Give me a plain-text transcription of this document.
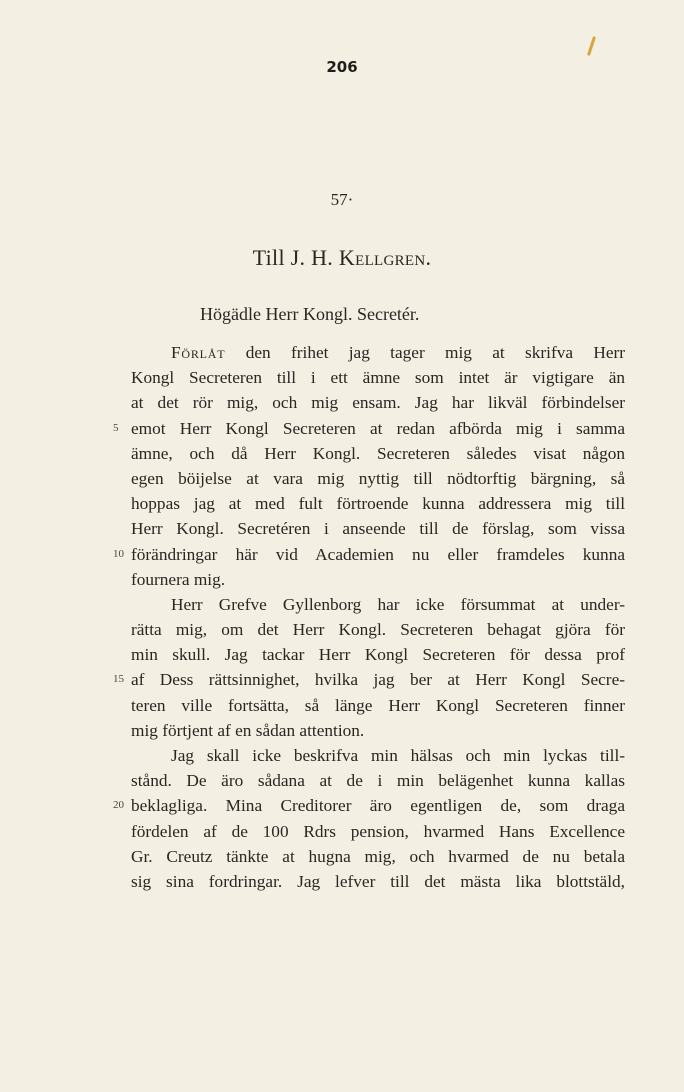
206
57·
Till J. H. Kellgren.
Högädle Herr Kongl. Secretér.
Förlåt den frihet jag tager mig at skrifva Herr
Kongl Secreteren till i ett ämne som intet är vigtigare än
at det rör mig, och mig ensam. Jag har likväl förbindelser
5 emot Herr Kongl Secreteren at redan afbörda mig i samma
ämne, och då Herr Kongl. Secreteren således visat någon
egen böijelse at vara mig nyttig till nödtorftig bärgning, så
hoppas jag at med fult förtroende kunna addressera mig till
Herr Kongl. Secretéren i anseende till de förslag, som vissa
10 förändringar här vid Academien nu eller framdeles kunna
fournera mig.
Herr Grefve Gyllenborg har icke försummat at under-
rätta mig, om det Herr Kongl. Secreteren behagat gjöra för
min skull. Jag tackar Herr Kongl Secreteren för dessa prof
15 af Dess rättsinnighet, hvilka jag ber at Herr Kongl Secre-
teren ville fortsätta, så länge Herr Kongl Secreteren finner
mig förtjent af en sådan attention.
Jag skall icke beskrifva min hälsas och min lyckas till-
stånd. De äro sådana at de i min belägenhet kunna kallas
20 beklagliga. Mina Creditorer äro egentligen de, som draga
fördelen af de 100 Rdrs pension, hvarmed Hans Excellence
Gr. Creutz tänkte at hugna mig, och hvarmed de nu betala
sig sina fordringar. Jag lefver till det mästa lika blottstäld,
